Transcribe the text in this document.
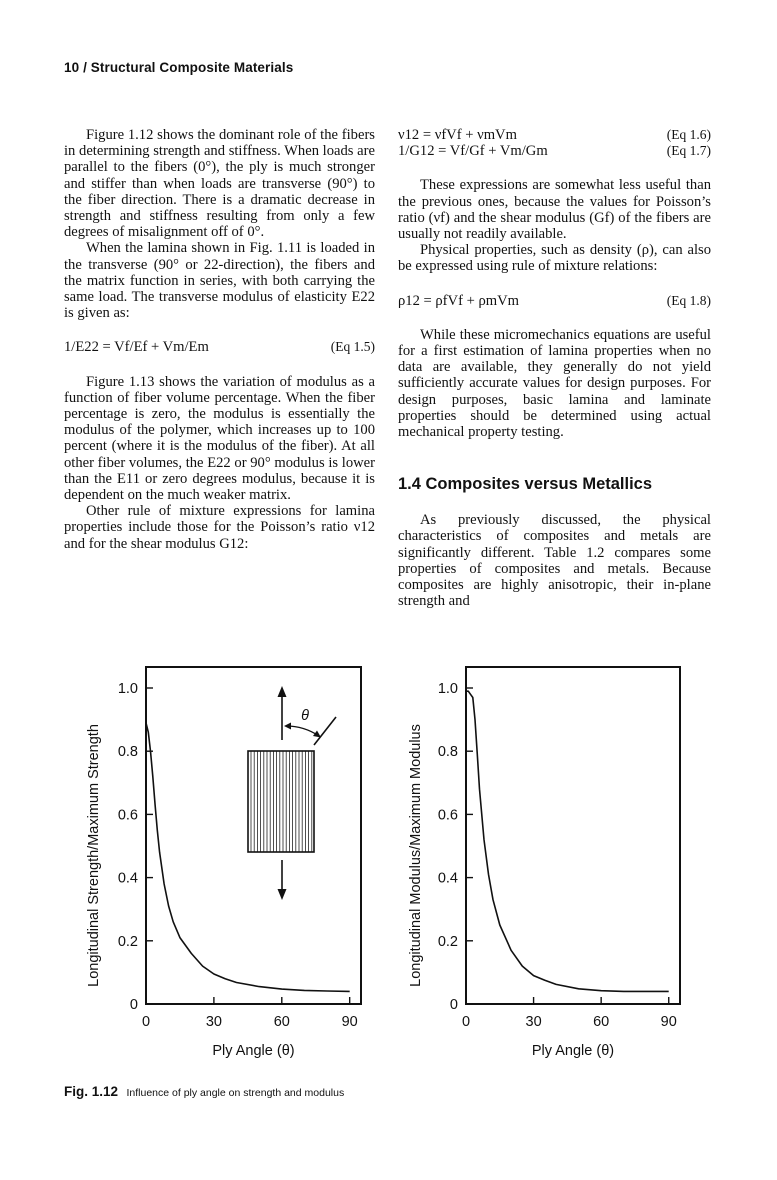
10 / Structural Composite Materials

Figure 1.12 shows the dominant role of the fibers in determining strength and stiffness. When loads are parallel to the fibers (0°), the ply is much stronger and stiffer than when loads are transverse (90°) to the fiber direction. There is a dramatic decrease in strength and stiffness resulting from only a few degrees of misalignment off of 0°.

When the lamina shown in Fig. 1.11 is loaded in the transverse (90° or 22-direction), the fibers and the matrix function in series, with both carrying the same load. The transverse modulus of elasticity E22 is given as:

1/E22 = Vf/Ef + Vm/Em	(Eq 1.5)

Figure 1.13 shows the variation of modulus as a function of fiber volume percentage. When the fiber percentage is zero, the modulus is essentially the modulus of the polymer, which increases up to 100 percent (where it is the modulus of the fiber). At all other fiber volumes, the E22 or 90° modulus is lower than the E11 or zero degrees modulus, because it is dependent on the much weaker matrix.

Other rule of mixture expressions for lamina properties include those for the Poisson’s ratio ν12 and for the shear modulus G12:

ν12 = νfVf + νmVm	(Eq 1.6)
1/G12 = Vf/Gf + Vm/Gm	(Eq 1.7)

These expressions are somewhat less useful than the previous ones, because the values for Poisson’s ratio (νf) and the shear modulus (Gf) of the fibers are usually not readily available.

Physical properties, such as density (ρ), can also be expressed using rule of mixture relations:

ρ12 = ρfVf + ρmVm	(Eq 1.8)

While these micromechanics equations are useful for a first estimation of lamina properties when no data are available, they generally do not yield sufficiently accurate values for design purposes. For design purposes, basic lamina and laminate properties should be determined using actual mechanical property testing.

1.4 Composites versus Metallics

As previously discussed, the physical characteristics of composites and metals are significantly different. Table 1.2 compares some properties of composites and metals. Because composites are highly anisotropic, their in-plane strength and

0
0.2
0.4
0.6
0.8
1.0
0	30	60	90
Ply Angle (θ)
Longitudinal Strength/Maximum Strength
0
0.2
0.4
0.6
0.8
1.0
0	30	60	90
Ply Angle (θ)
Longitudinal Modulus/Maximum Modulus
θ
Fig. 1.12 Influence of ply angle on strength and modulus
